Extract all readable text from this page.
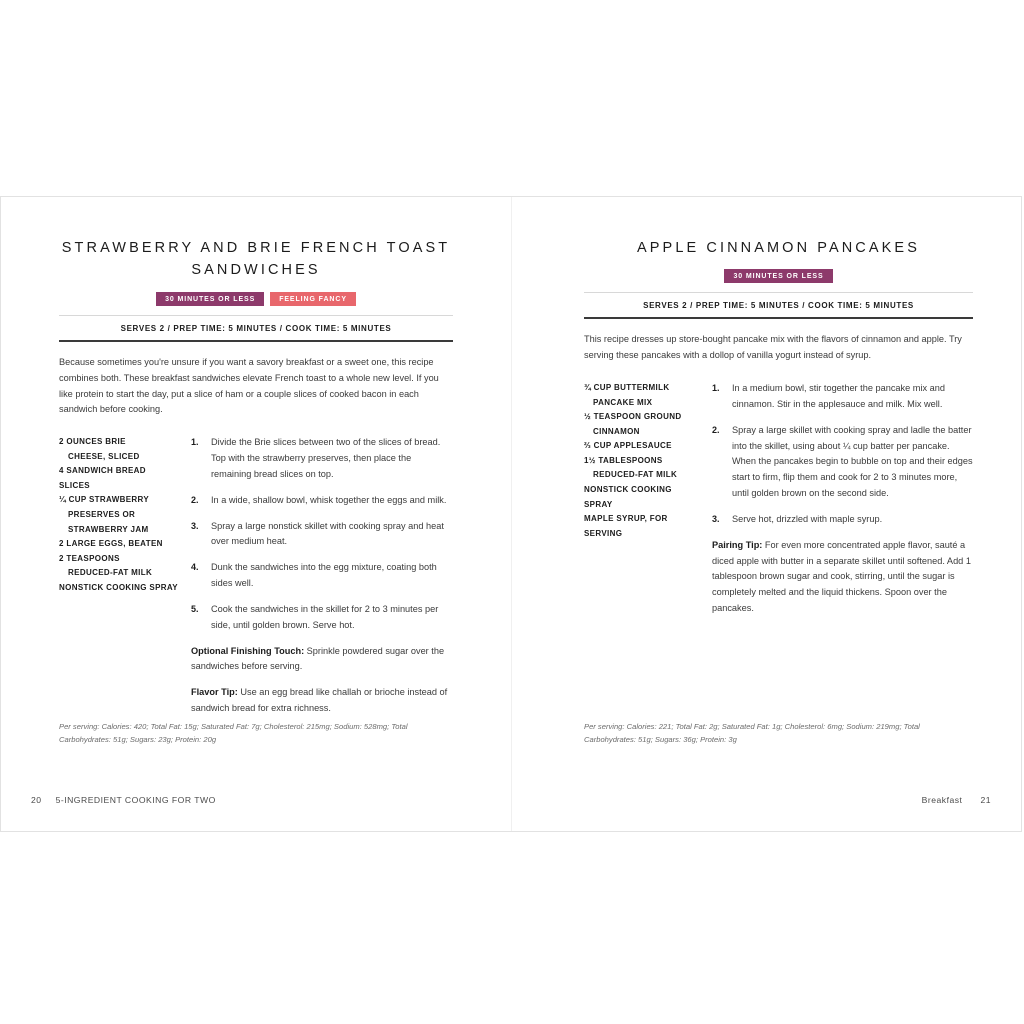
STRAWBERRY AND BRIE FRENCH TOAST SANDWICHES
30 MINUTES OR LESS	FEELING FANCY
SERVES 2 / PREP TIME: 5 MINUTES / COOK TIME: 5 MINUTES

Because sometimes you're unsure if you want a savory breakfast or a sweet one, this recipe combines both. These breakfast sandwiches elevate French toast to a whole new level. If you like protein to start the day, put a slice of ham or a couple slices of cooked bacon in each sandwich before cooking.

2 OUNCES BRIE
CHEESE, SLICED
4 SANDWICH BREAD SLICES
¼ CUP STRAWBERRY
PRESERVES OR
STRAWBERRY JAM
2 LARGE EGGS, BEATEN
2 TEASPOONS
REDUCED-FAT MILK
NONSTICK COOKING SPRAY
1.	Divide the Brie slices between two of the slices of bread. Top with the strawberry preserves, then place the remaining bread slices on top.
2.	In a wide, shallow bowl, whisk together the eggs and milk.
3.	Spray a large nonstick skillet with cooking spray and heat over medium heat.
4.	Dunk the sandwiches into the egg mixture, coating both sides well.
5.	Cook the sandwiches in the skillet for 2 to 3 minutes per side, until golden brown. Serve hot.
Optional Finishing Touch: Sprinkle powdered sugar over the sandwiches before serving.
Flavor Tip: Use an egg bread like challah or brioche instead of sandwich bread for extra richness.
Per serving: Calories: 420; Total Fat: 15g; Saturated Fat: 7g; Cholesterol: 215mg; Sodium: 528mg; Total Carbohydrates: 51g; Sugars: 23g; Protein: 20g
20 5-INGREDIENT COOKING FOR TWO
APPLE CINNAMON PANCAKES
30 MINUTES OR LESS
SERVES 2 / PREP TIME: 5 MINUTES / COOK TIME: 5 MINUTES

This recipe dresses up store-bought pancake mix with the flavors of cinnamon and apple. Try serving these pancakes with a dollop of vanilla yogurt instead of syrup.

¾ CUP BUTTERMILK
PANCAKE MIX
½ TEASPOON GROUND
CINNAMON
⅔ CUP APPLESAUCE
1½ TABLESPOONS
REDUCED-FAT MILK
NONSTICK COOKING SPRAY
MAPLE SYRUP, FOR SERVING
1.	In a medium bowl, stir together the pancake mix and cinnamon. Stir in the applesauce and milk. Mix well.
2.	Spray a large skillet with cooking spray and ladle the batter into the skillet, using about ¼ cup batter per pancake. When the pancakes begin to bubble on top and their edges start to firm, flip them and cook for 2 to 3 minutes more, until golden brown on the second side.
3.	Serve hot, drizzled with maple syrup.
Pairing Tip: For even more concentrated apple flavor, sauté a diced apple with butter in a separate skillet until softened. Add 1 tablespoon brown sugar and cook, stirring, until the sugar is completely melted and the liquid thickens. Spoon over the pancakes.
Per serving: Calories: 221; Total Fat: 2g; Saturated Fat: 1g; Cholesterol: 6mg; Sodium: 219mg; Total Carbohydrates: 51g; Sugars: 36g; Protein: 3g
Breakfast 21
